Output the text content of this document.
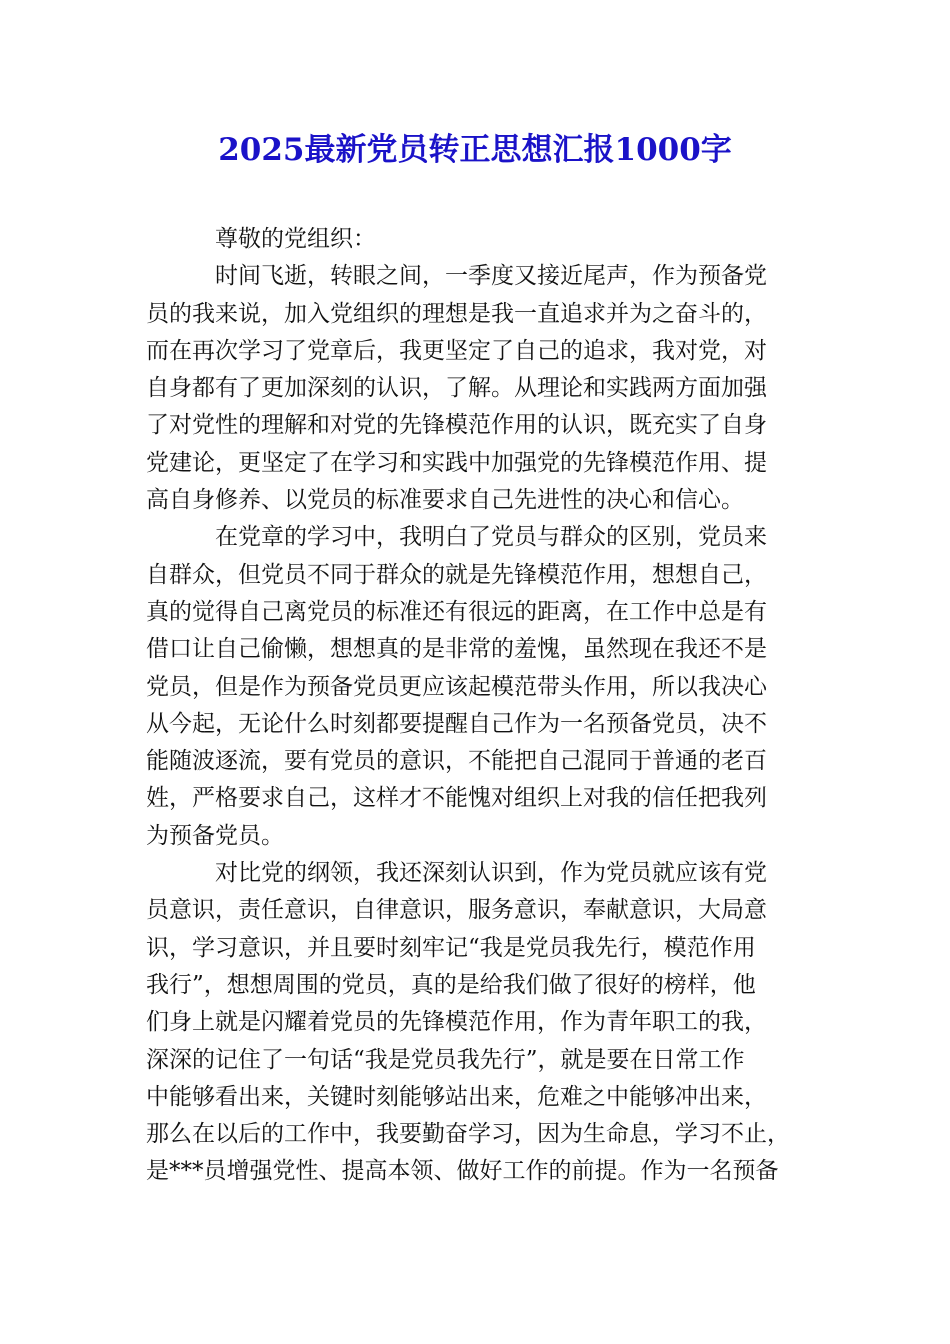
2025最新党员转正思想汇报1000字
尊敬的党组织：
时间飞逝，转眼之间，一季度又接近尾声，作为预备党
员的我来说，加入党组织的理想是我一直追求并为之奋斗的，
而在再次学习了党章后，我更坚定了自己的追求，我对党，对
自身都有了更加深刻的认识，了解。从理论和实践两方面加强
了对党性的理解和对党的先锋模范作用的认识，既充实了自身
党建论，更坚定了在学习和实践中加强党的先锋模范作用、提
高自身修养、以党员的标准要求自己先进性的决心和信心。
在党章的学习中，我明白了党员与群众的区别，党员来
自群众，但党员不同于群众的就是先锋模范作用，想想自己，
真的觉得自己离党员的标准还有很远的距离，在工作中总是有
借口让自己偷懒，想想真的是非常的羞愧，虽然现在我还不是
党员，但是作为预备党员更应该起模范带头作用，所以我决心
从今起，无论什么时刻都要提醒自己作为一名预备党员，决不
能随波逐流，要有党员的意识，不能把自己混同于普通的老百
姓，严格要求自己，这样才不能愧对组织上对我的信任把我列
为预备党员。
对比党的纲领，我还深刻认识到，作为党员就应该有党
员意识，责任意识，自律意识，服务意识，奉献意识，大局意
识，学习意识，并且要时刻牢记“我是党员我先行，模范作用
我行”，想想周围的党员，真的是给我们做了很好的榜样，他
们身上就是闪耀着党员的先锋模范作用，作为青年职工的我，
深深的记住了一句话“我是党员我先行”，就是要在日常工作
中能够看出来，关键时刻能够站出来，危难之中能够冲出来，
那么在以后的工作中，我要勤奋学习，因为生命息，学习不止，
是***员增强党性、提高本领、做好工作的前提。作为一名预备
